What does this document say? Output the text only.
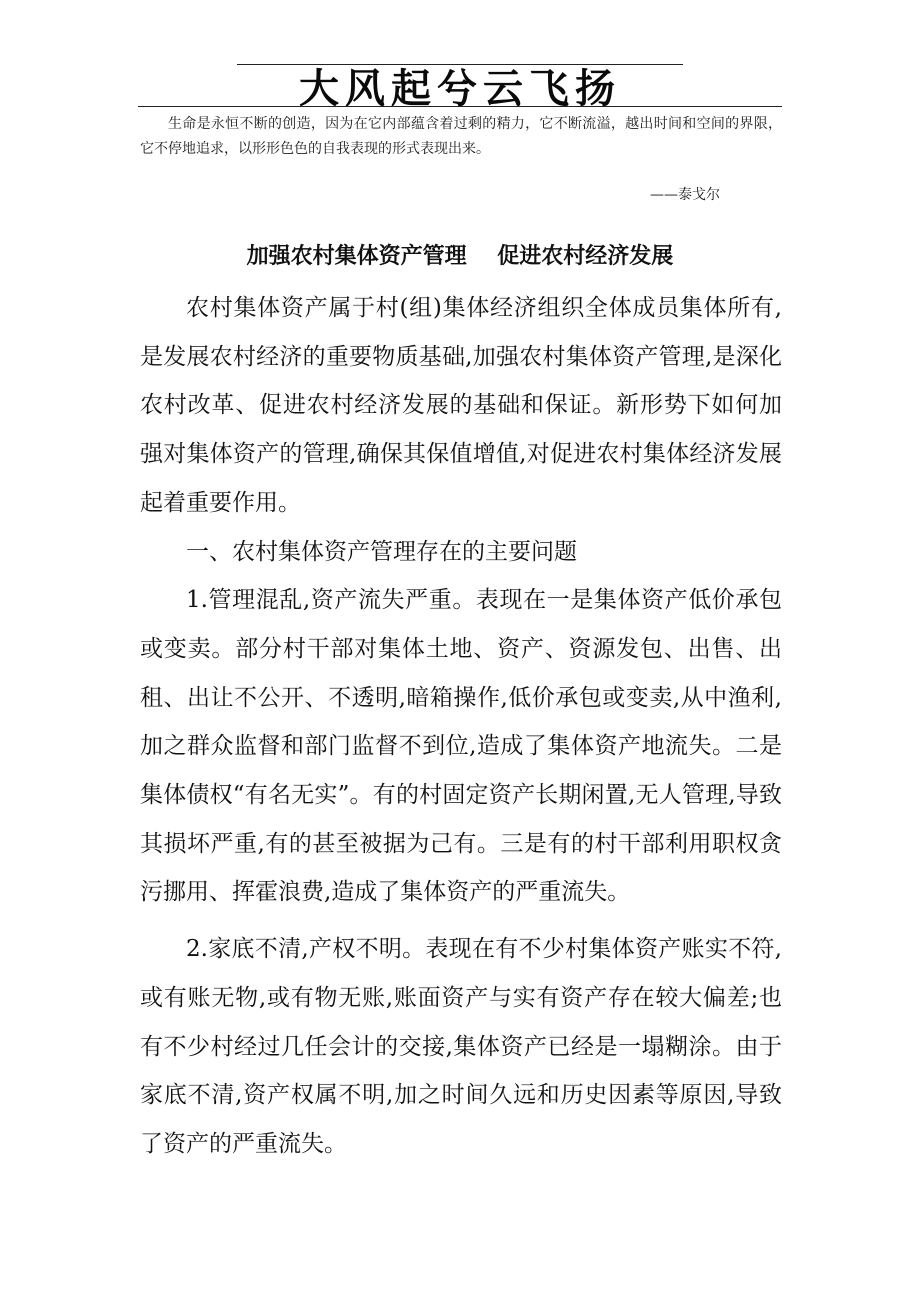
大风起兮云飞扬
生命是永恒不断的创造，因为在它内部蕴含着过剩的精力，它不断流溢，越出时间和空间的界限，它不停地追求，以形形色色的自我表现的形式表现出来。
——泰戈尔
加强农村集体资产管理    促进农村经济发展

农村集体资产属于村(组)集体经济组织全体成员集体所有,是发展农村经济的重要物质基础,加强农村集体资产管理,是深化农村改革、促进农村经济发展的基础和保证。新形势下如何加强对集体资产的管理,确保其保值增值,对促进农村集体经济发展起着重要作用。

一、农村集体资产管理存在的主要问题

1.管理混乱,资产流失严重。表现在一是集体资产低价承包或变卖。部分村干部对集体土地、资产、资源发包、出售、出租、出让不公开、不透明,暗箱操作,低价承包或变卖,从中渔利,加之群众监督和部门监督不到位,造成了集体资产地流失。二是集体债权“有名无实”。有的村固定资产长期闲置,无人管理,导致其损坏严重,有的甚至被据为己有。三是有的村干部利用职权贪污挪用、挥霍浪费,造成了集体资产的严重流失。

2.家底不清,产权不明。表现在有不少村集体资产账实不符,或有账无物,或有物无账,账面资产与实有资产存在较大偏差;也有不少村经过几任会计的交接,集体资产已经是一塌糊涂。由于家底不清,资产权属不明,加之时间久远和历史因素等原因,导致了资产的严重流失。
